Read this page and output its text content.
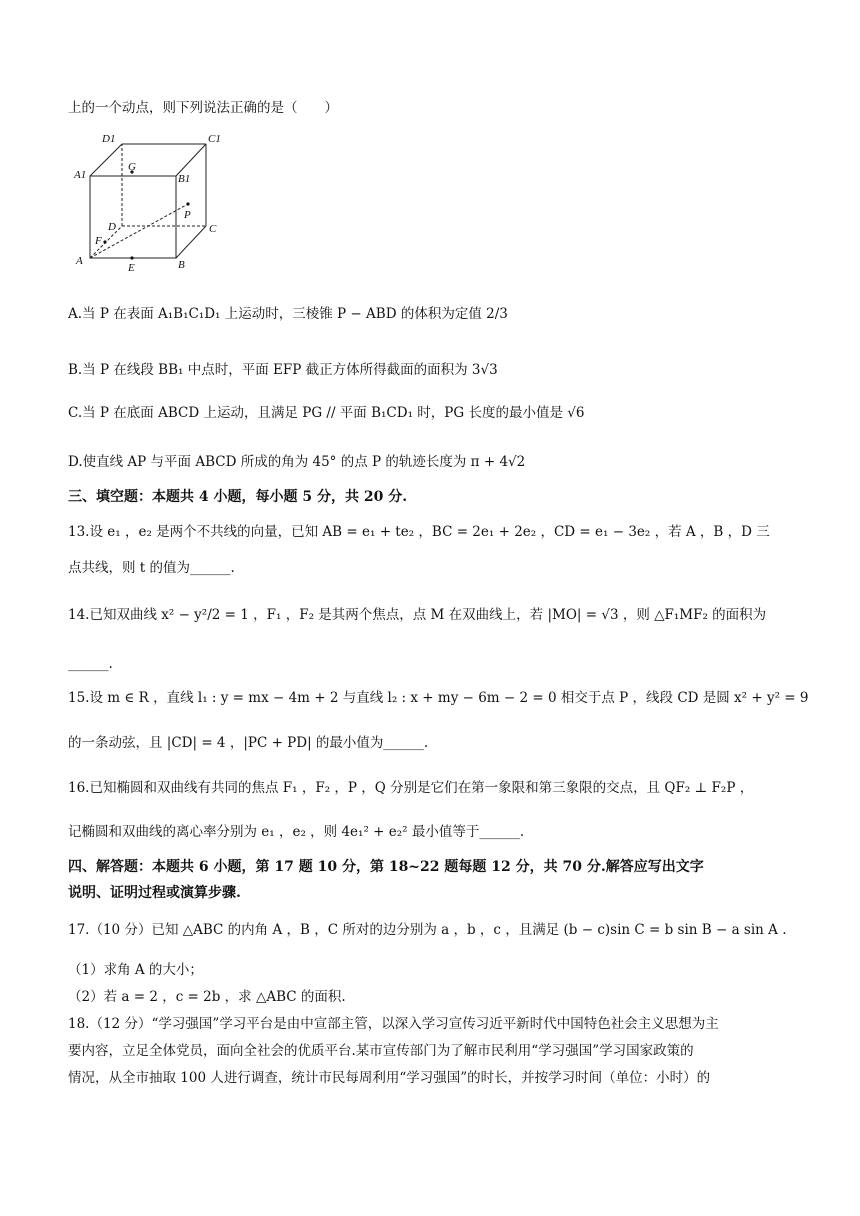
上的一个动点，则下列说法正确的是（　　）
D1	C1
A1	B1
G
P
D	C
F
A
E	B
A.当 P 在表面 A₁B₁C₁D₁ 上运动时，三棱锥 P − ABD 的体积为定值 2/3
B.当 P 在线段 BB₁ 中点时，平面 EFP 截正方体所得截面的面积为 3√3
C.当 P 在底面 ABCD 上运动，且满足 PG // 平面 B₁CD₁ 时，PG 长度的最小值是 √6
D.使直线 AP 与平面 ABCD 所成的角为 45° 的点 P 的轨迹长度为 π + 4√2
三、填空题：本题共 4 小题，每小题 5 分，共 20 分.
13.设 e₁ ，e₂ 是两个不共线的向量，已知 AB = e₁ + te₂ ，BC = 2e₁ + 2e₂ ，CD = e₁ − 3e₂ ，若 A ，B ，D 三
点共线，则 t 的值为______.
14.已知双曲线 x² − y²/2 = 1 ，F₁ ，F₂ 是其两个焦点，点 M 在双曲线上，若 |MO| = √3 ，则 △F₁MF₂ 的面积为
______.
15.设 m ∈ R ，直线 l₁ : y = mx − 4m + 2 与直线 l₂ : x + my − 6m − 2 = 0 相交于点 P ，线段 CD 是圆 x² + y² = 9
的一条动弦，且 |CD| = 4 ，|PC + PD| 的最小值为______.
16.已知椭圆和双曲线有共同的焦点 F₁ ，F₂ ，P ，Q 分别是它们在第一象限和第三象限的交点，且 QF₂ ⊥ F₂P ，
记椭圆和双曲线的离心率分别为 e₁ ，e₂ ，则 4e₁² + e₂² 最小值等于______.
四、解答题：本题共 6 小题，第 17 题 10 分，第 18~22 题每题 12 分，共 70 分.解答应写出文字
说明、证明过程或演算步骤.
17.（10 分）已知 △ABC 的内角 A ，B ，C 所对的边分别为 a ，b ，c ，且满足 (b − c)sin C = b sin B − a sin A .
（1）求角 A 的大小；
（2）若 a = 2 ，c = 2b ，求 △ABC 的面积.
18.（12 分）“学习强国”学习平台是由中宣部主管，以深入学习宣传习近平新时代中国特色社会主义思想为主
要内容，立足全体党员，面向全社会的优质平台.某市宣传部门为了解市民利用“学习强国”学习国家政策的
情况，从全市抽取 100 人进行调查，统计市民每周利用“学习强国”的时长，并按学习时间（单位：小时）的
